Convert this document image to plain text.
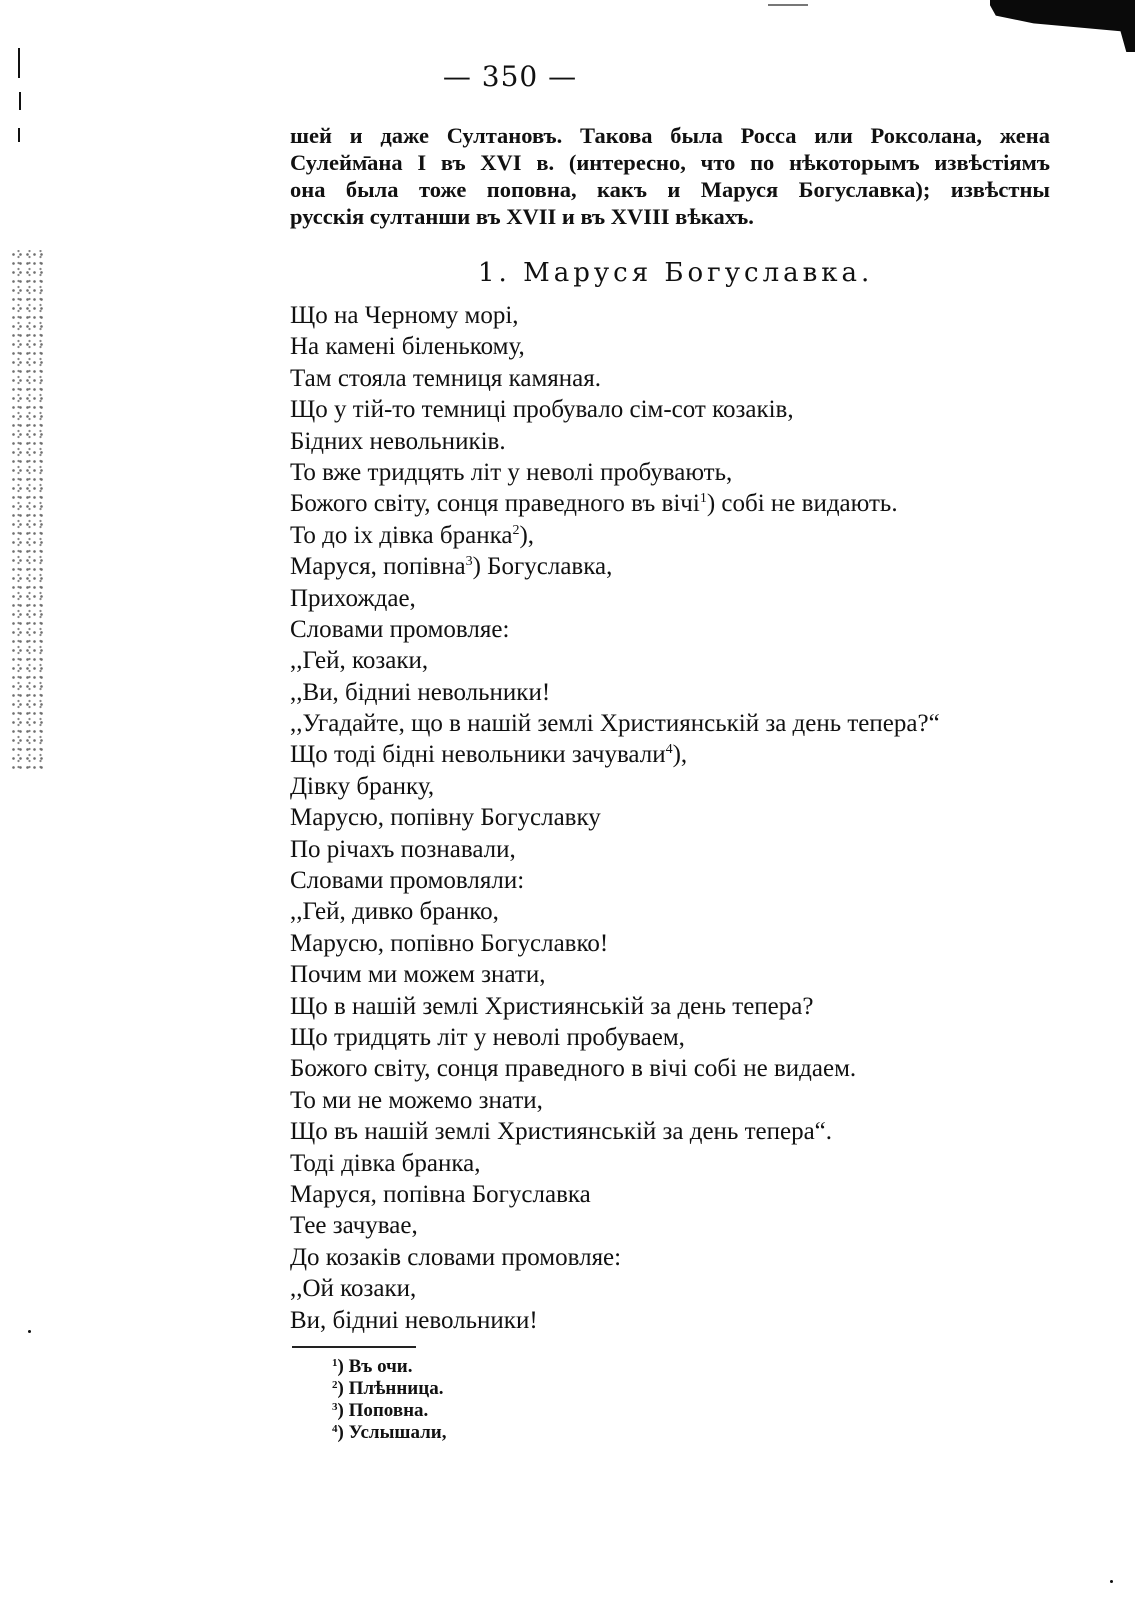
— 350 —
шей и даже Султановъ. Такова была Росса или Роксолана, жена
Сулейм̄ана I въ XVI в. (интересно, что по нѣкоторымъ извѣстіямъ
она была тоже поповна, какъ и Маруся Богуславка); извѣстны
русскія султанши въ XVII и въ XVIII вѣкахъ.
1. Маруся Богуславка.
Що на Черному морі,
На камені біленькому,
Там стояла темниця камяная.
Що у тій-то темниці пробувало сім-сот козаків,
Бідних невольників.
То вже тридцять літ у неволі пробувають,
Божого світу, сонця праведного въ вічі$^1$) собі не видають.
То до іх дівка бранка$^2$),
Маруся, попівна$^3$) Богуславка,
Прихождае,
Словами промовляе:
,,Гей, козаки,
,,Ви, бідниі невольники!
,,Угадайте, що в нашій землі Християнській за день тепера?“
Що тоді бідні невольники зачували$^4$),
Дівку бранку,
Марусю, попівну Богуславку
По річахъ познавали,
Словами промовляли:
,,Гей, дивко бранко,
Марусю, попівно Богуславко!
Почим ми можем знати,
Що в нашій землі Християнській за день тепера?
Що тридцять літ у неволі пробуваем,
Божого світу, сонця праведного в вічі собі не видаем.
То ми не можемо знати,
Що въ нашій землі Християнській за день тепера“.
Тоді дівка бранка,
Маруся, попівна Богуславка
Тее зачувае,
До козаків словами промовляе:
,,Ой козаки,
Ви, бідниі невольники!
$^1$) Въ очи.
$^2$) Плѣнница.
$^3$) Поповна.
$^4$) Услышали,
